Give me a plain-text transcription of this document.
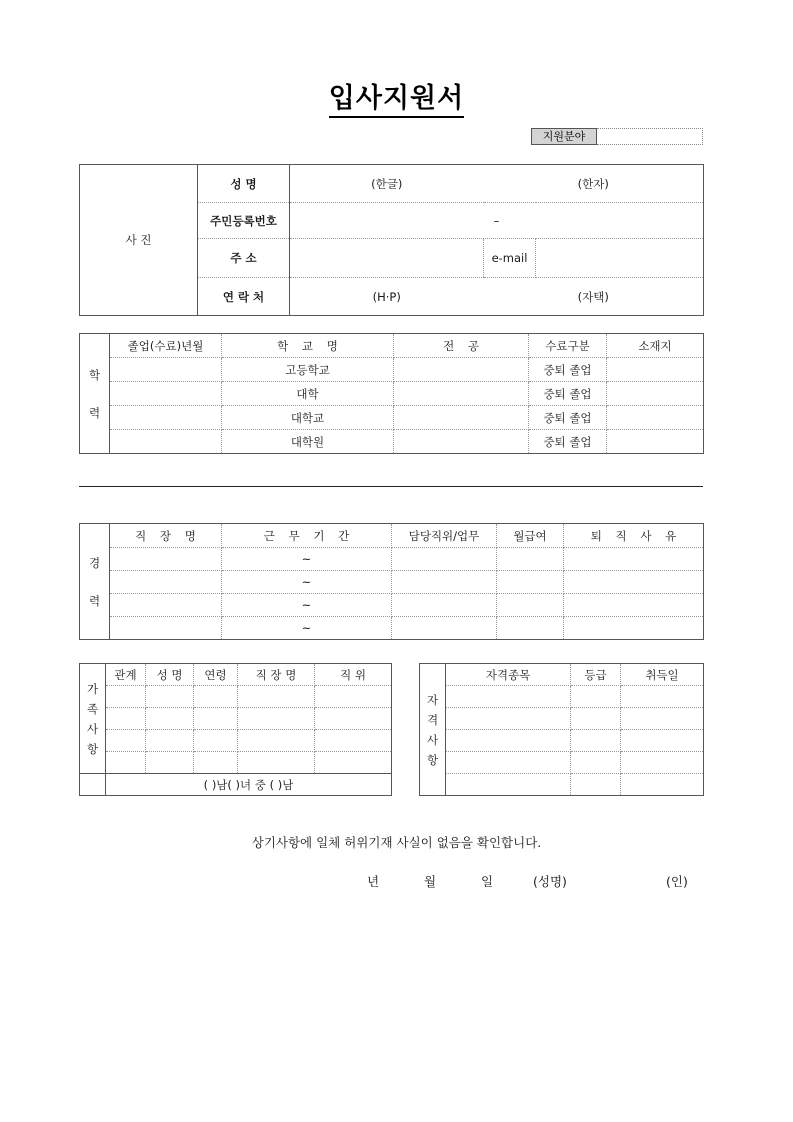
입사지원서
지원분야
사 진	성 명	(한글)	(한자)	
	주민등록번호	–		
	주 소		e-mail	
	연 락 처	(H·P)	(자택)	
학
력	졸업(수료)년월	학 교 명	전 공	수료구분	소재지
		고등학교		중퇴 졸업	
		대학		중퇴 졸업	
		대학교		중퇴 졸업	
		대학원		중퇴 졸업	
경
력	직 장 명	근 무 기 간	담당직위/업무	월급여	퇴 직 사 유
		~			
		~			
		~			
		~			
가
족
사
항	관계	성 명	연령	직 장 명	직 위

	( )남( )녀 중 ( )남				
자
격
사
항	자격종목	등급	취득일

상기사항에 일체 허위기재 사실이 없음을 확인합니다.
년	월	일	(성명)	(인)
